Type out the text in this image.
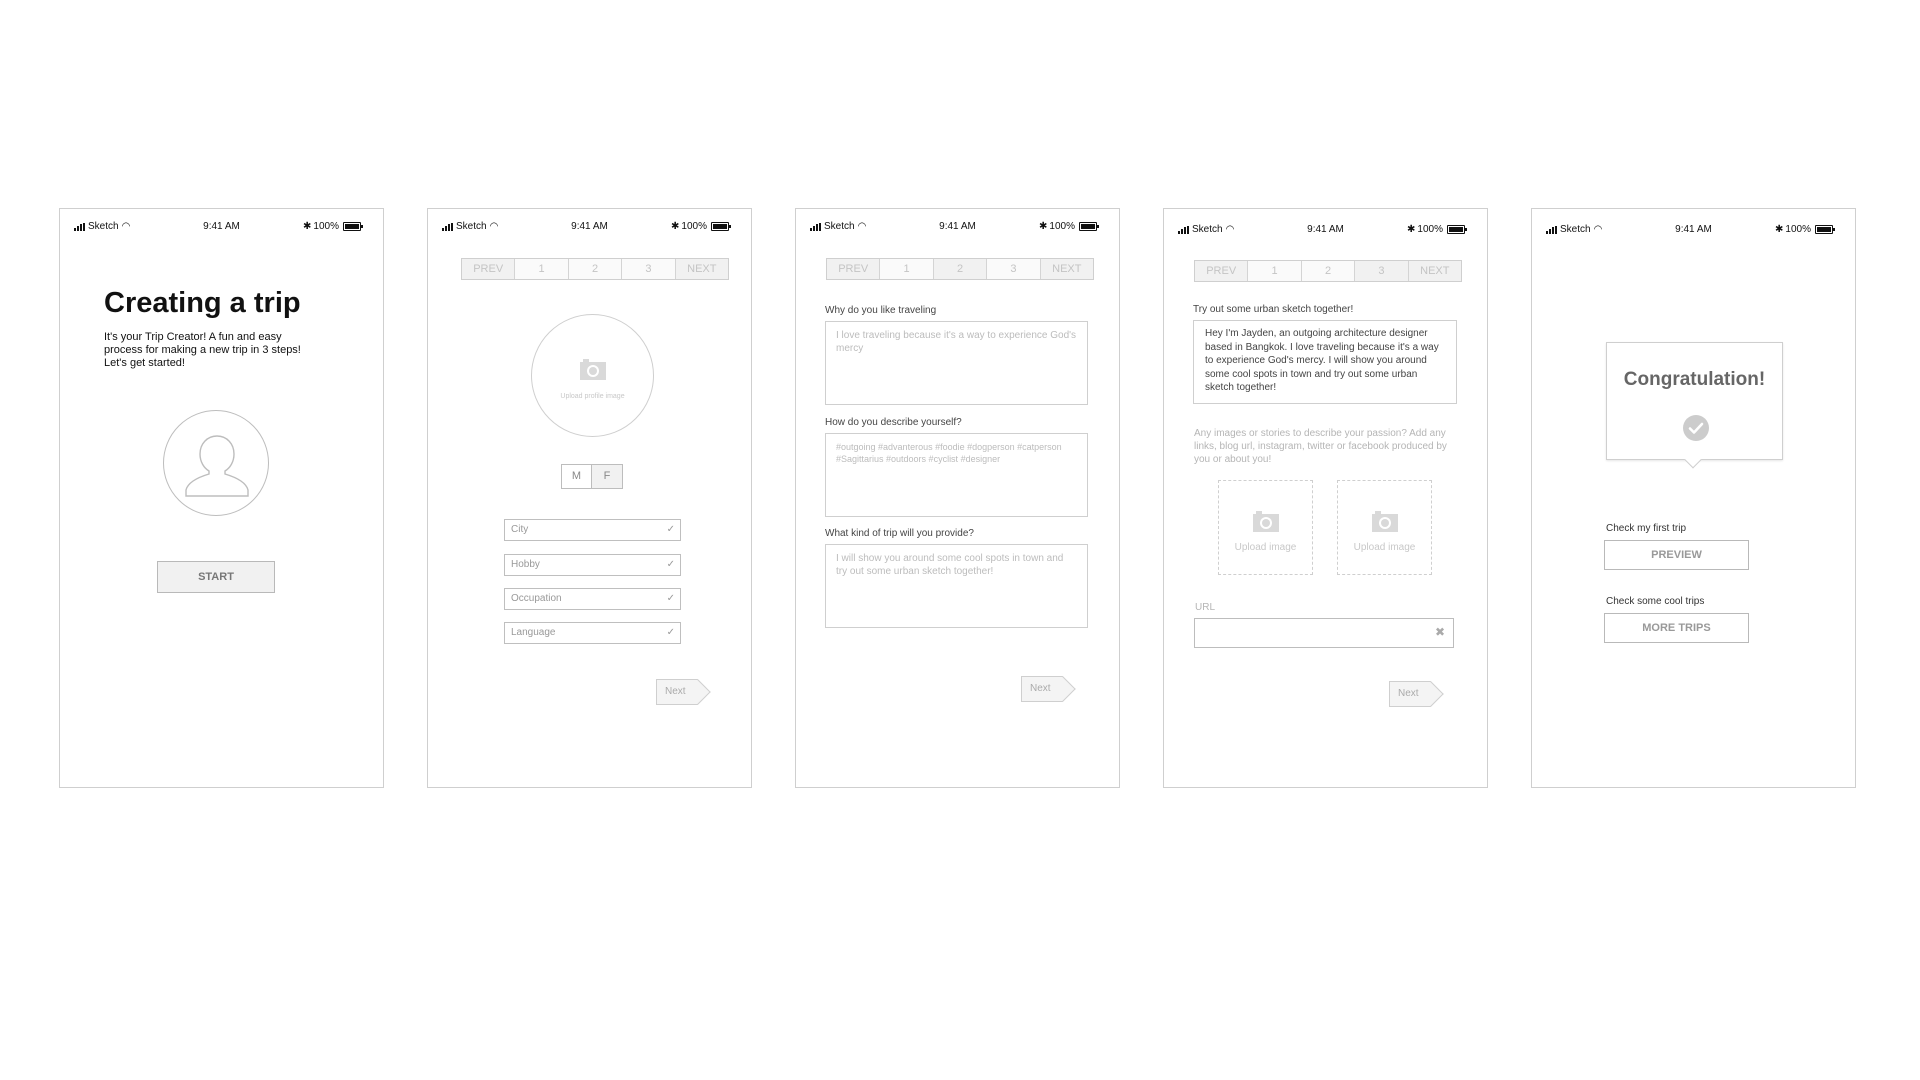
Sketch ◠	9:41 AM	✱ 100%
Creating a trip
It's your Trip Creator! A fun and easy process for making a new trip in 3 steps! Let's get started!
START
Sketch ◠	9:41 AM	✱ 100%
PREV	1	2	3	NEXT
Upload profile image
M	F
City	✓
Hobby	✓
Occupation	✓
Language	✓
Next
Sketch ◠	9:41 AM	✱ 100%
PREV	1	2	3	NEXT
Why do you like traveling
I love traveling because it's a way to experience God's mercy
How do you describe yourself?
#outgoing #advanterous #foodie #dogperson #catperson #Sagittarius #outdoors #cyclist #designer
What kind of trip will you provide?
I will show you around some cool spots in town and try out some urban sketch together!
Next
Sketch ◠	9:41 AM	✱ 100%
PREV	1	2	3	NEXT
Try out some urban sketch together!
Hey I'm Jayden, an outgoing architecture designer based in Bangkok. I love traveling because it's a way to experience God's mercy. I will show you around some cool spots in town and try out some urban sketch together!
Any images or stories to describe your passion? Add any links, blog url, instagram, twitter or facebook produced by you or about you!
Upload image	Upload image
URL
✖
Next
Sketch ◠	9:41 AM	✱ 100%
Congratulation!
Check my first trip
PREVIEW
Check some cool trips
MORE TRIPS
